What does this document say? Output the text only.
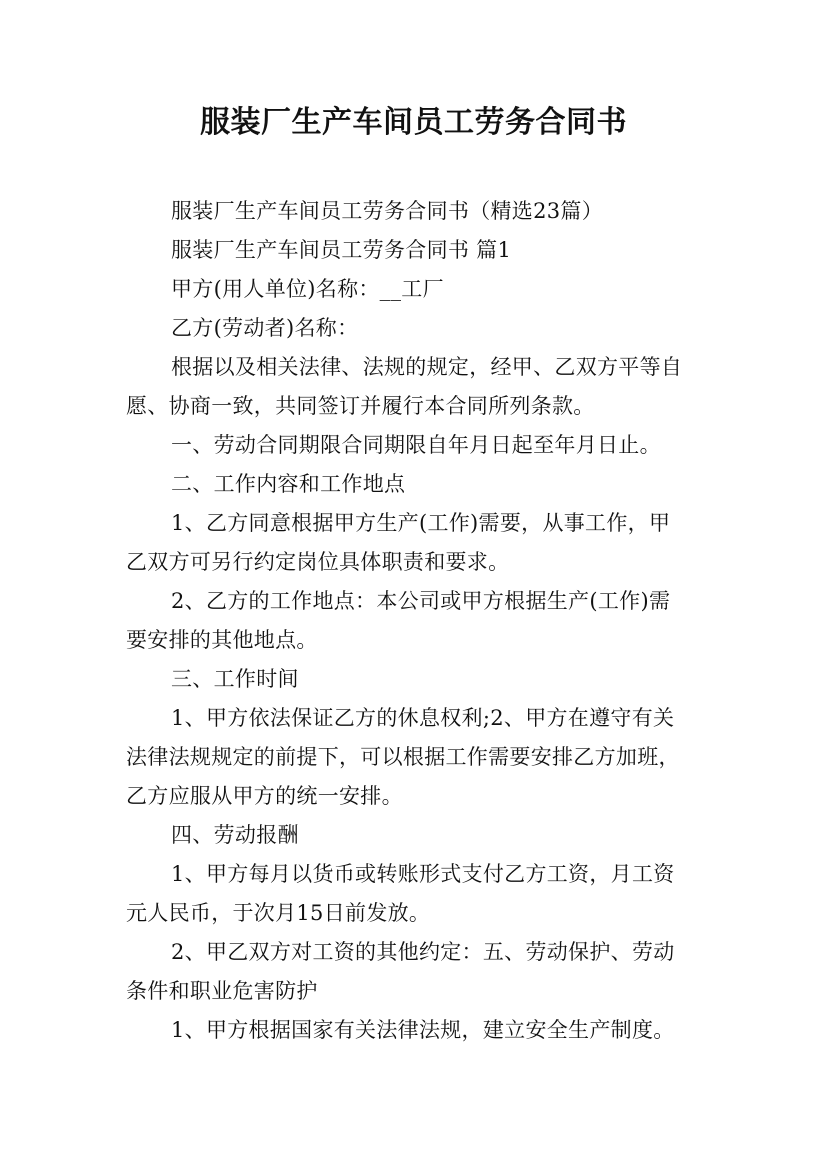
服装厂生产车间员工劳务合同书
服装厂生产车间员工劳务合同书（精选23篇）
服装厂生产车间员工劳务合同书 篇1
甲方(用人单位)名称：__工厂
乙方(劳动者)名称：
根据以及相关法律、法规的规定，经甲、乙双方平等自
愿、协商一致，共同签订并履行本合同所列条款。
一、劳动合同期限合同期限自年月日起至年月日止。
二、工作内容和工作地点
1、乙方同意根据甲方生产(工作)需要，从事工作，甲
乙双方可另行约定岗位具体职责和要求。
2、乙方的工作地点：本公司或甲方根据生产(工作)需
要安排的其他地点。
三、工作时间
1、甲方依法保证乙方的休息权利;2、甲方在遵守有关
法律法规规定的前提下，可以根据工作需要安排乙方加班，
乙方应服从甲方的统一安排。
四、劳动报酬
1、甲方每月以货币或转账形式支付乙方工资，月工资
元人民币，于次月15日前发放。
2、甲乙双方对工资的其他约定：五、劳动保护、劳动
条件和职业危害防护
1、甲方根据国家有关法律法规，建立安全生产制度。
